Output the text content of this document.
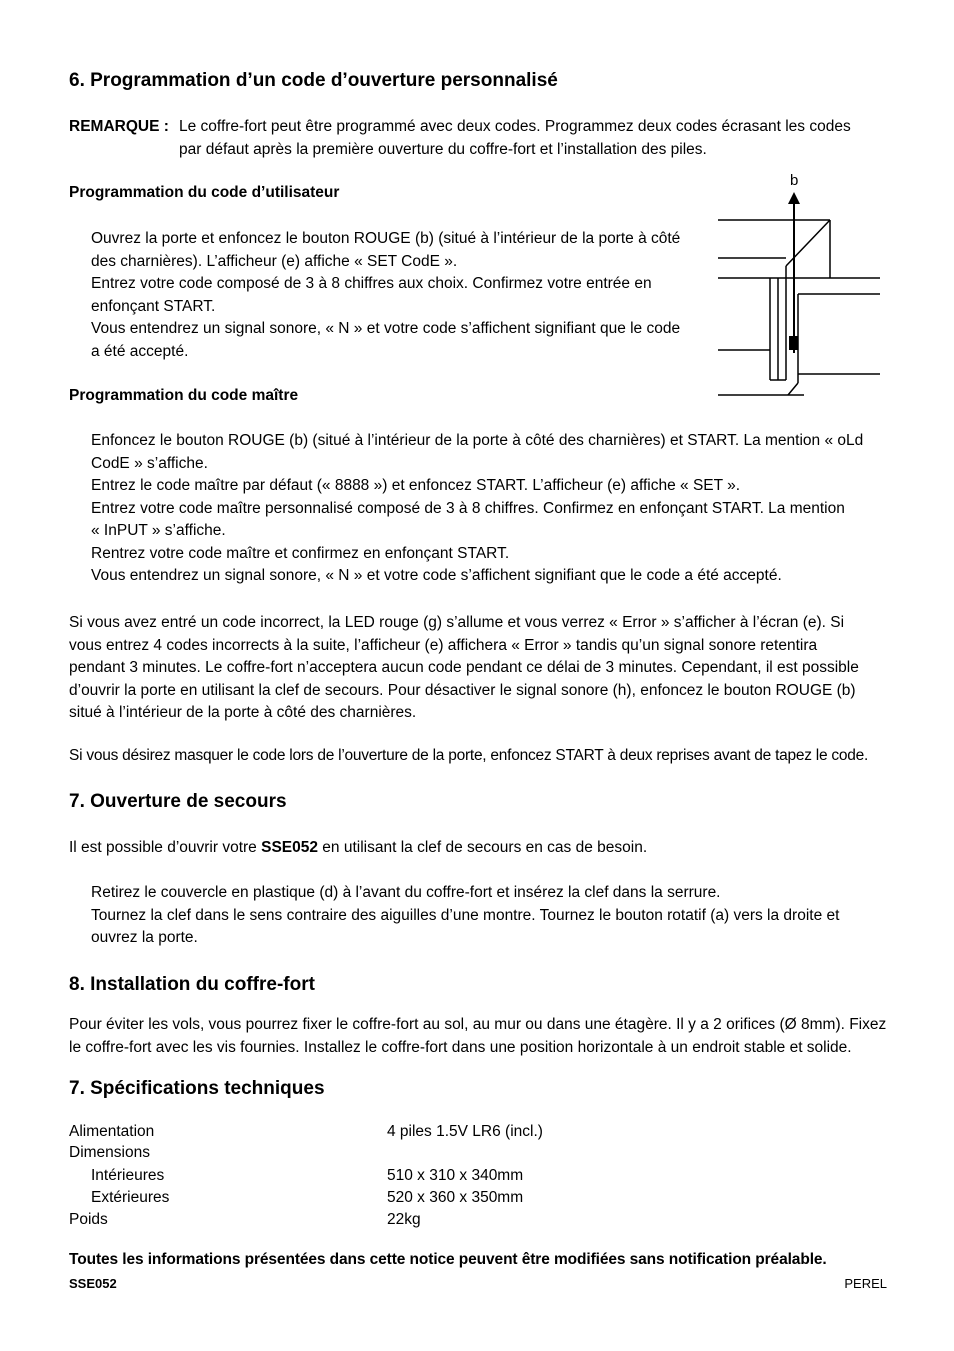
6. Programmation d’un code d’ouverture personnalisé
REMARQUE : Le coffre-fort peut être programmé avec deux codes. Programmez deux codes écrasant les codes

par défaut après la première ouverture du coffre-fort et l’installation des piles.

Programmation du code d’utilisateur

Ouvrez la porte et enfoncez le bouton ROUGE (b) (situé à l’intérieur de la porte à côté

des charnières). L’afficheur (e) affiche « SET CodE ».

Entrez votre code composé de 3 à 8 chiffres aux choix. Confirmez votre entrée en

enfonçant START.

Vous entendrez un signal sonore, « N » et votre code s’affichent signifiant que le code

a été accepté.

Programmation du code maître

Enfoncez le bouton ROUGE (b) (situé à l’intérieur de la porte à côté des charnières) et START. La mention « oLd

CodE » s’affiche.

Entrez le code maître par défaut (« 8888 ») et enfoncez START. L’afficheur (e) affiche « SET ».

Entrez votre code maître personnalisé composé de 3 à 8 chiffres. Confirmez en enfonçant START. La mention

« InPUT » s’affiche.

Rentrez votre code maître et confirmez en enfonçant START.

Vous entendrez un signal sonore, « N » et votre code s’affichent signifiant que le code a été accepté.

Si vous avez entré un code incorrect, la LED rouge (g) s’allume et vous verrez « Error » s’afficher à l’écran (e). Si

vous entrez 4 codes incorrects à la suite, l’afficheur (e) affichera « Error » tandis qu’un signal sonore retentira

pendant 3 minutes. Le coffre-fort n’acceptera aucun code pendant ce délai de 3 minutes. Cependant, il est possible

d’ouvrir la porte en utilisant la clef de secours. Pour désactiver le signal sonore (h), enfoncez le bouton ROUGE (b)

situé à l’intérieur de la porte à côté des charnières.

Si vous désirez masquer le code lors de l’ouverture de la porte, enfoncez START à deux reprises avant de tapez le code.

7. Ouverture de secours

Il est possible d’ouvrir votre SSE052 en utilisant la clef de secours en cas de besoin.

Retirez le couvercle en plastique (d) à l’avant du coffre-fort et insérez la clef dans la serrure.

Tournez la clef dans le sens contraire des aiguilles d’une montre. Tournez le bouton rotatif (a) vers la droite et

ouvrez la porte.

8. Installation du coffre-fort

Pour éviter les vols, vous pourrez fixer le coffre-fort au sol, au mur ou dans une étagère. Il y a 2 orifices (Ø 8mm). Fixez

le coffre-fort avec les vis fournies. Installez le coffre-fort dans une position horizontale à un endroit stable et solide.

7. Spécifications techniques
Alimentation	4 piles 1.5V LR6 (incl.)
Dimensions
Intérieures	510 x 310 x 340mm
Extérieures	520 x 360 x 350mm
Poids	22kg

Toutes les informations présentées dans cette notice peuvent être modifiées sans notification préalable.

SSE052	PEREL
b
